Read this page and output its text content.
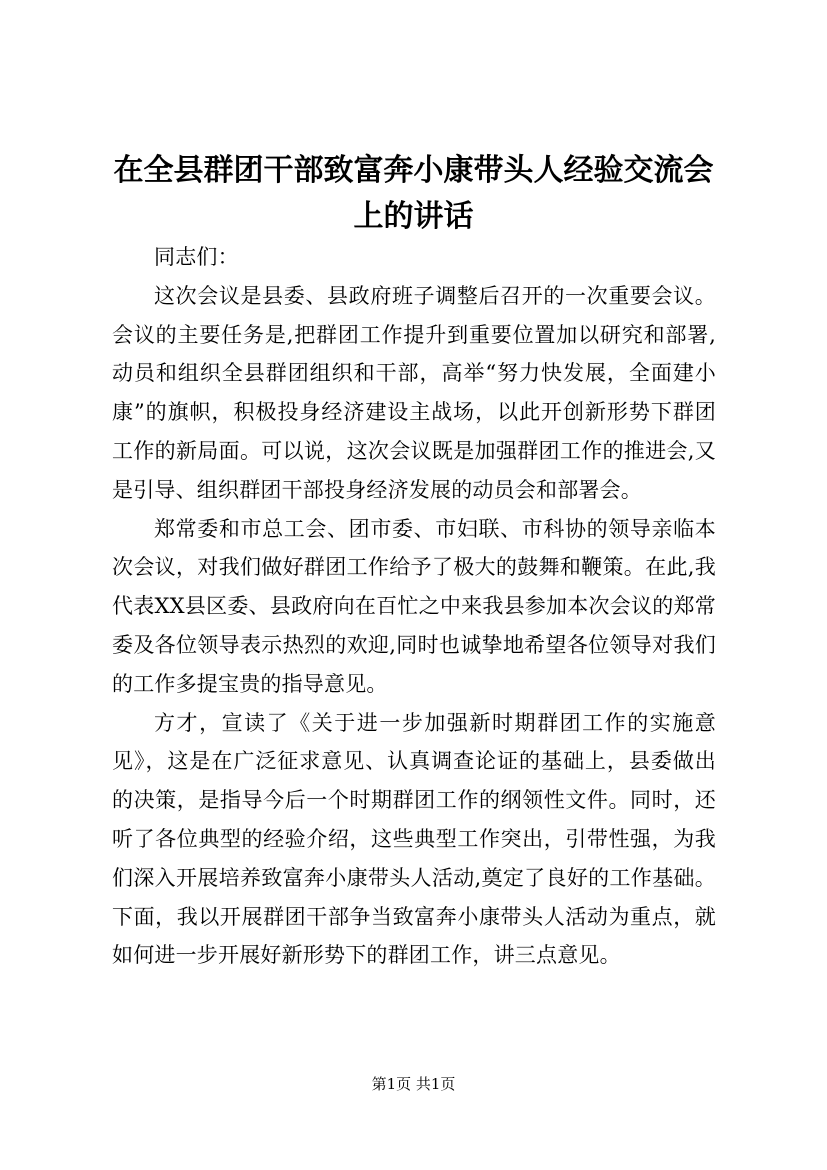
在全县群团干部致富奔小康带头人经验交流会上的讲话

同志们：

这次会议是县委、县政府班子调整后召开的一次重要会议。会议的主要任务是,把群团工作提升到重要位置加以研究和部署,动员和组织全县群团组织和干部，高举“努力快发展，全面建小康”的旗帜，积极投身经济建设主战场，以此开创新形势下群团工作的新局面。可以说，这次会议既是加强群团工作的推进会,又是引导、组织群团干部投身经济发展的动员会和部署会。

郑常委和市总工会、团市委、市妇联、市科协的领导亲临本次会议，对我们做好群团工作给予了极大的鼓舞和鞭策。在此,我代表XX县区委、县政府向在百忙之中来我县参加本次会议的郑常委及各位领导表示热烈的欢迎,同时也诚挚地希望各位领导对我们的工作多提宝贵的指导意见。

方才，宣读了《关于进一步加强新时期群团工作的实施意见》，这是在广泛征求意见、认真调查论证的基础上，县委做出的决策，是指导今后一个时期群团工作的纲领性文件。同时，还听了各位典型的经验介绍，这些典型工作突出，引带性强，为我们深入开展培养致富奔小康带头人活动,奠定了良好的工作基础。下面，我以开展群团干部争当致富奔小康带头人活动为重点，就如何进一步开展好新形势下的群团工作，讲三点意见。

第1页 共1页
